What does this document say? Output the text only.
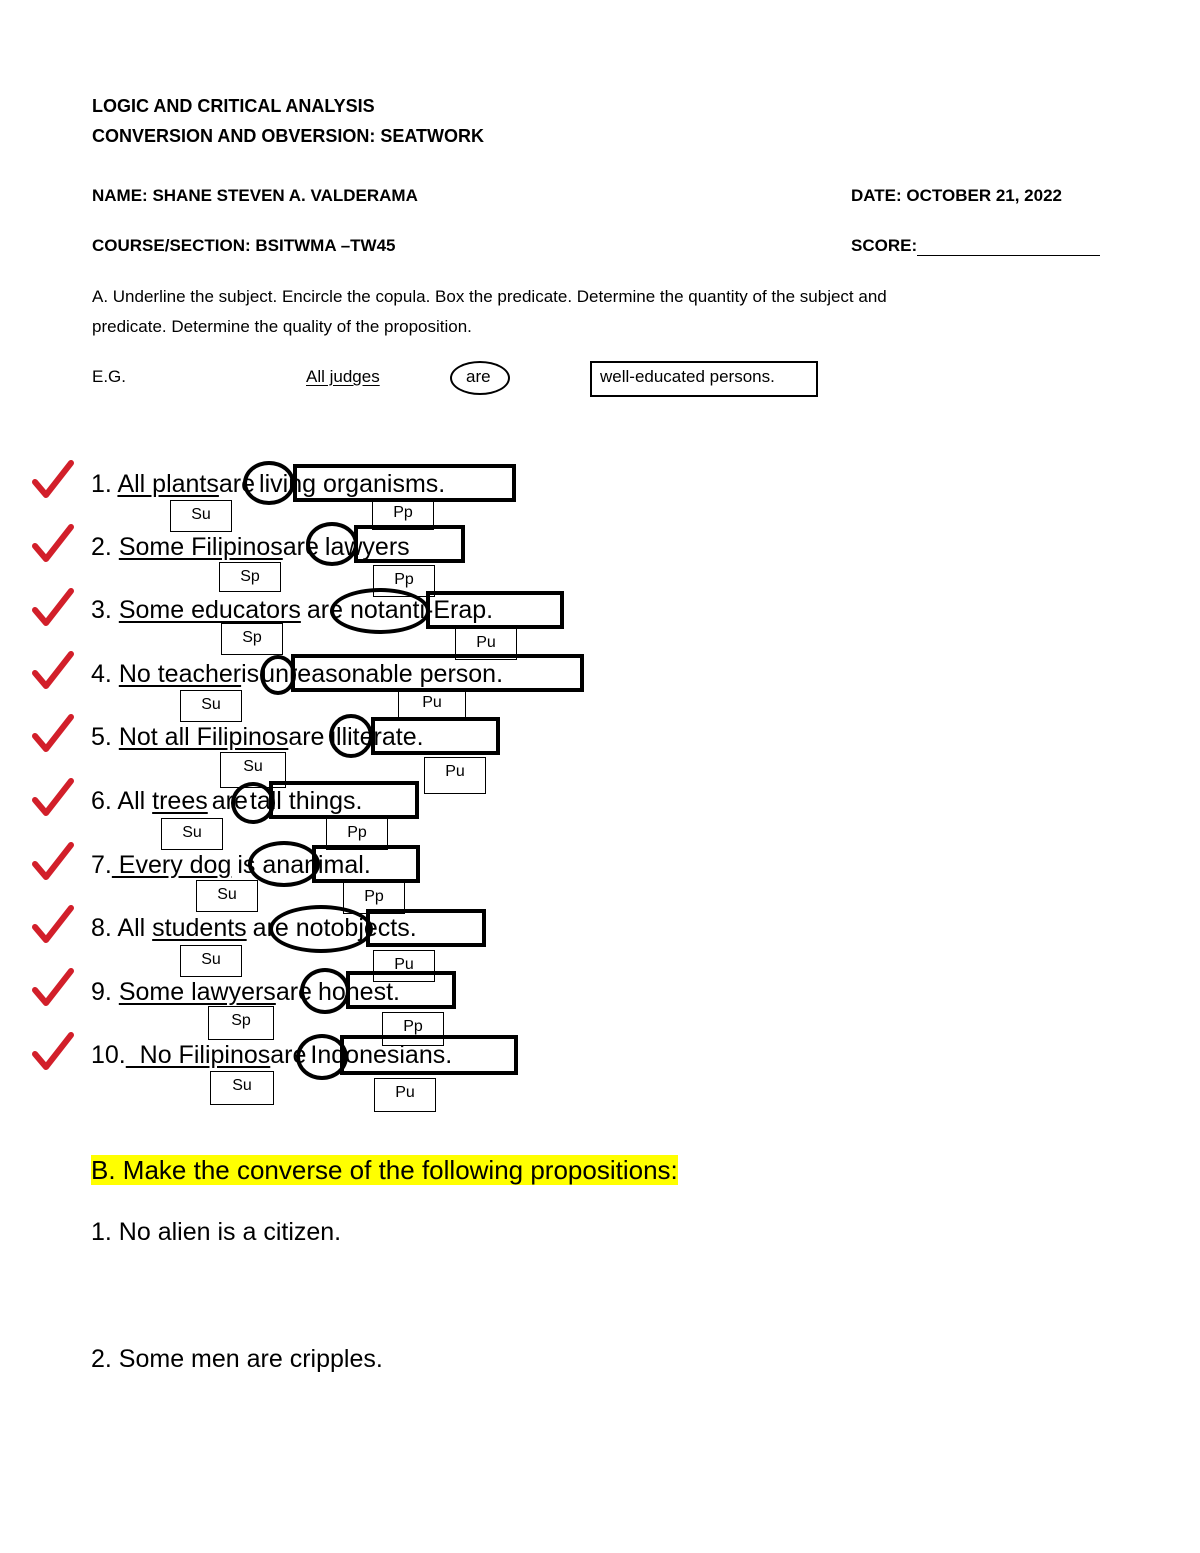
LOGIC AND CRITICAL ANALYSIS
CONVERSION AND OBVERSION: SEATWORK
NAME: SHANE STEVEN A. VALDERAMA	DATE: OCTOBER 21, 2022
COURSE/SECTION: BSITWMA –TW45	SCORE:
A. Underline the subject. Encircle the copula. Box the predicate. Determine the quantity of the subject and
predicate. Determine the quality of the proposition.
E.G.	All judges	are	well-educated persons.
1. All plantsare living organisms.
Su	Pp
2. Some Filipinosare lawyers
Sp	Pp
3. Some educators are notanti-Erap.
Sp	Pu
4. No teacherisunreasonable person.
Su	Pu
5. Not all Filipinosare illiterate.
Su	Pu
6. All trees aretall things.
Su	Pp
7. Every dog is ananimal.
Su	Pp
8. All students are notobjects.
Su	Pu
9. Some lawyersare honest.
Sp	Pp
10.  No Filipinosare Indonesians.
Su	Pu
B. Make the converse of the following propositions:
1. No alien is a citizen.
2. Some men are cripples.
